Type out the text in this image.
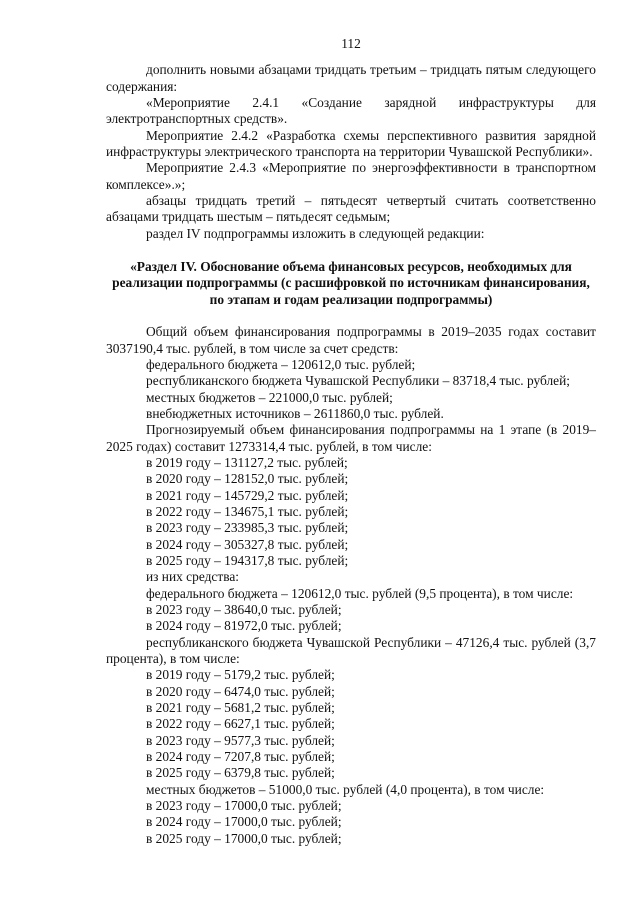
112

дополнить новыми абзацами тридцать третьим – тридцать пятым следующего содержания:

«Мероприятие 2.4.1 «Создание зарядной инфраструктуры для электротранспортных средств».

Мероприятие 2.4.2 «Разработка схемы перспективного развития зарядной инфраструктуры электрического транспорта на территории Чувашской Республики».

Мероприятие 2.4.3 «Мероприятие по энергоэффективности в транспортном комплексе».»;

абзацы тридцать третий – пятьдесят четвертый считать соответственно абзацами тридцать шестым – пятьдесят седьмым;

раздел IV подпрограммы изложить в следующей редакции:

«Раздел IV. Обоснование объема финансовых ресурсов, необходимых для реализации подпрограммы (с расшифровкой по источникам финансирования, по этапам и годам реализации подпрограммы)

Общий объем финансирования подпрограммы в 2019–2035 годах составит 3037190,4 тыс. рублей, в том числе за счет средств:

федерального бюджета – 120612,0 тыс. рублей;

республиканского бюджета Чувашской Республики – 83718,4 тыс. рублей;

местных бюджетов – 221000,0 тыс. рублей;

внебюджетных источников – 2611860,0 тыс. рублей.

Прогнозируемый объем финансирования подпрограммы на 1 этапе (в 2019–2025 годах) составит 1273314,4 тыс. рублей, в том числе:

в 2019 году – 131127,2 тыс. рублей;

в 2020 году – 128152,0 тыс. рублей;

в 2021 году – 145729,2 тыс. рублей;

в 2022 году – 134675,1 тыс. рублей;

в 2023 году – 233985,3 тыс. рублей;

в 2024 году – 305327,8 тыс. рублей;

в 2025 году – 194317,8 тыс. рублей;

из них средства:

федерального бюджета – 120612,0 тыс. рублей (9,5 процента), в том числе:

в 2023 году – 38640,0 тыс. рублей;

в 2024 году – 81972,0 тыс. рублей;

республиканского бюджета Чувашской Республики – 47126,4 тыс. рублей (3,7 процента), в том числе:

в 2019 году – 5179,2 тыс. рублей;

в 2020 году – 6474,0 тыс. рублей;

в 2021 году – 5681,2 тыс. рублей;

в 2022 году – 6627,1 тыс. рублей;

в 2023 году – 9577,3 тыс. рублей;

в 2024 году – 7207,8 тыс. рублей;

в 2025 году – 6379,8 тыс. рублей;

местных бюджетов – 51000,0 тыс. рублей (4,0 процента), в том числе:

в 2023 году – 17000,0 тыс. рублей;

в 2024 году – 17000,0 тыс. рублей;

в 2025 году – 17000,0 тыс. рублей;
